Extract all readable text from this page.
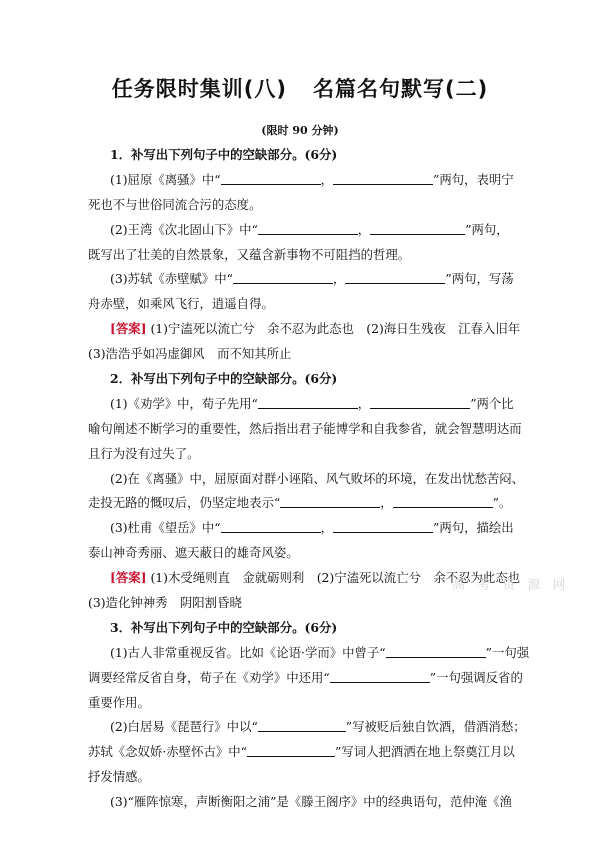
任务限时集训(八) 名篇名句默写(二)
(限时 90 分钟)
1．补写出下列句子中的空缺部分。(6分)
(1)屈原《离骚》中“	，	”两句，表明宁
死也不与世俗同流合污的态度。
(2)王湾《次北固山下》中“	，	”两句，
既写出了壮美的自然景象，又蕴含新事物不可阻挡的哲理。
(3)苏轼《赤壁赋》中“	，	”两句，写荡
舟赤壁，如乘风飞行，逍遥自得。
[答案] (1)宁溘死以流亡兮　余不忍为此态也　(2)海日生残夜　江春入旧年
(3)浩浩乎如冯虚御风　而不知其所止
2．补写出下列句子中的空缺部分。(6分)
(1)《劝学》中，荀子先用“	，	”两个比
喻句阐述不断学习的重要性，然后指出君子能博学和自我参省，就会智慧明达而
且行为没有过失了。
(2)在《离骚》中，屈原面对群小诬陷、风气败坏的环境，在发出忧愁苦闷、
走投无路的慨叹后，仍坚定地表示“	，	”。
(3)杜甫《望岳》中“	，	”两句，描绘出
泰山神奇秀丽、遮天蔽日的雄奇风姿。
[答案] (1)木受绳则直　金就砺则利　(2)宁溘死以流亡兮　余不忍为此态也
(3)造化钟神秀　阴阳割昏晓
3．补写出下列句子中的空缺部分。(6分)
(1)古人非常重视反省。比如《论语·学而》中曾子“	”一句强
调要经常反省自身，荀子在《劝学》中还用“	”一句强调反省的
重要作用。
(2)白居易《琵琶行》中以“	”写被贬后独自饮酒，借酒消愁；
苏轼《念奴娇·赤壁怀古》中“	”写词人把酒洒在地上祭奠江月以
抒发情感。
(3)“雁阵惊寒，声断衡阳之浦”是《滕王阁序》中的经典语句，范仲淹《渔
高 考 资 源 网
